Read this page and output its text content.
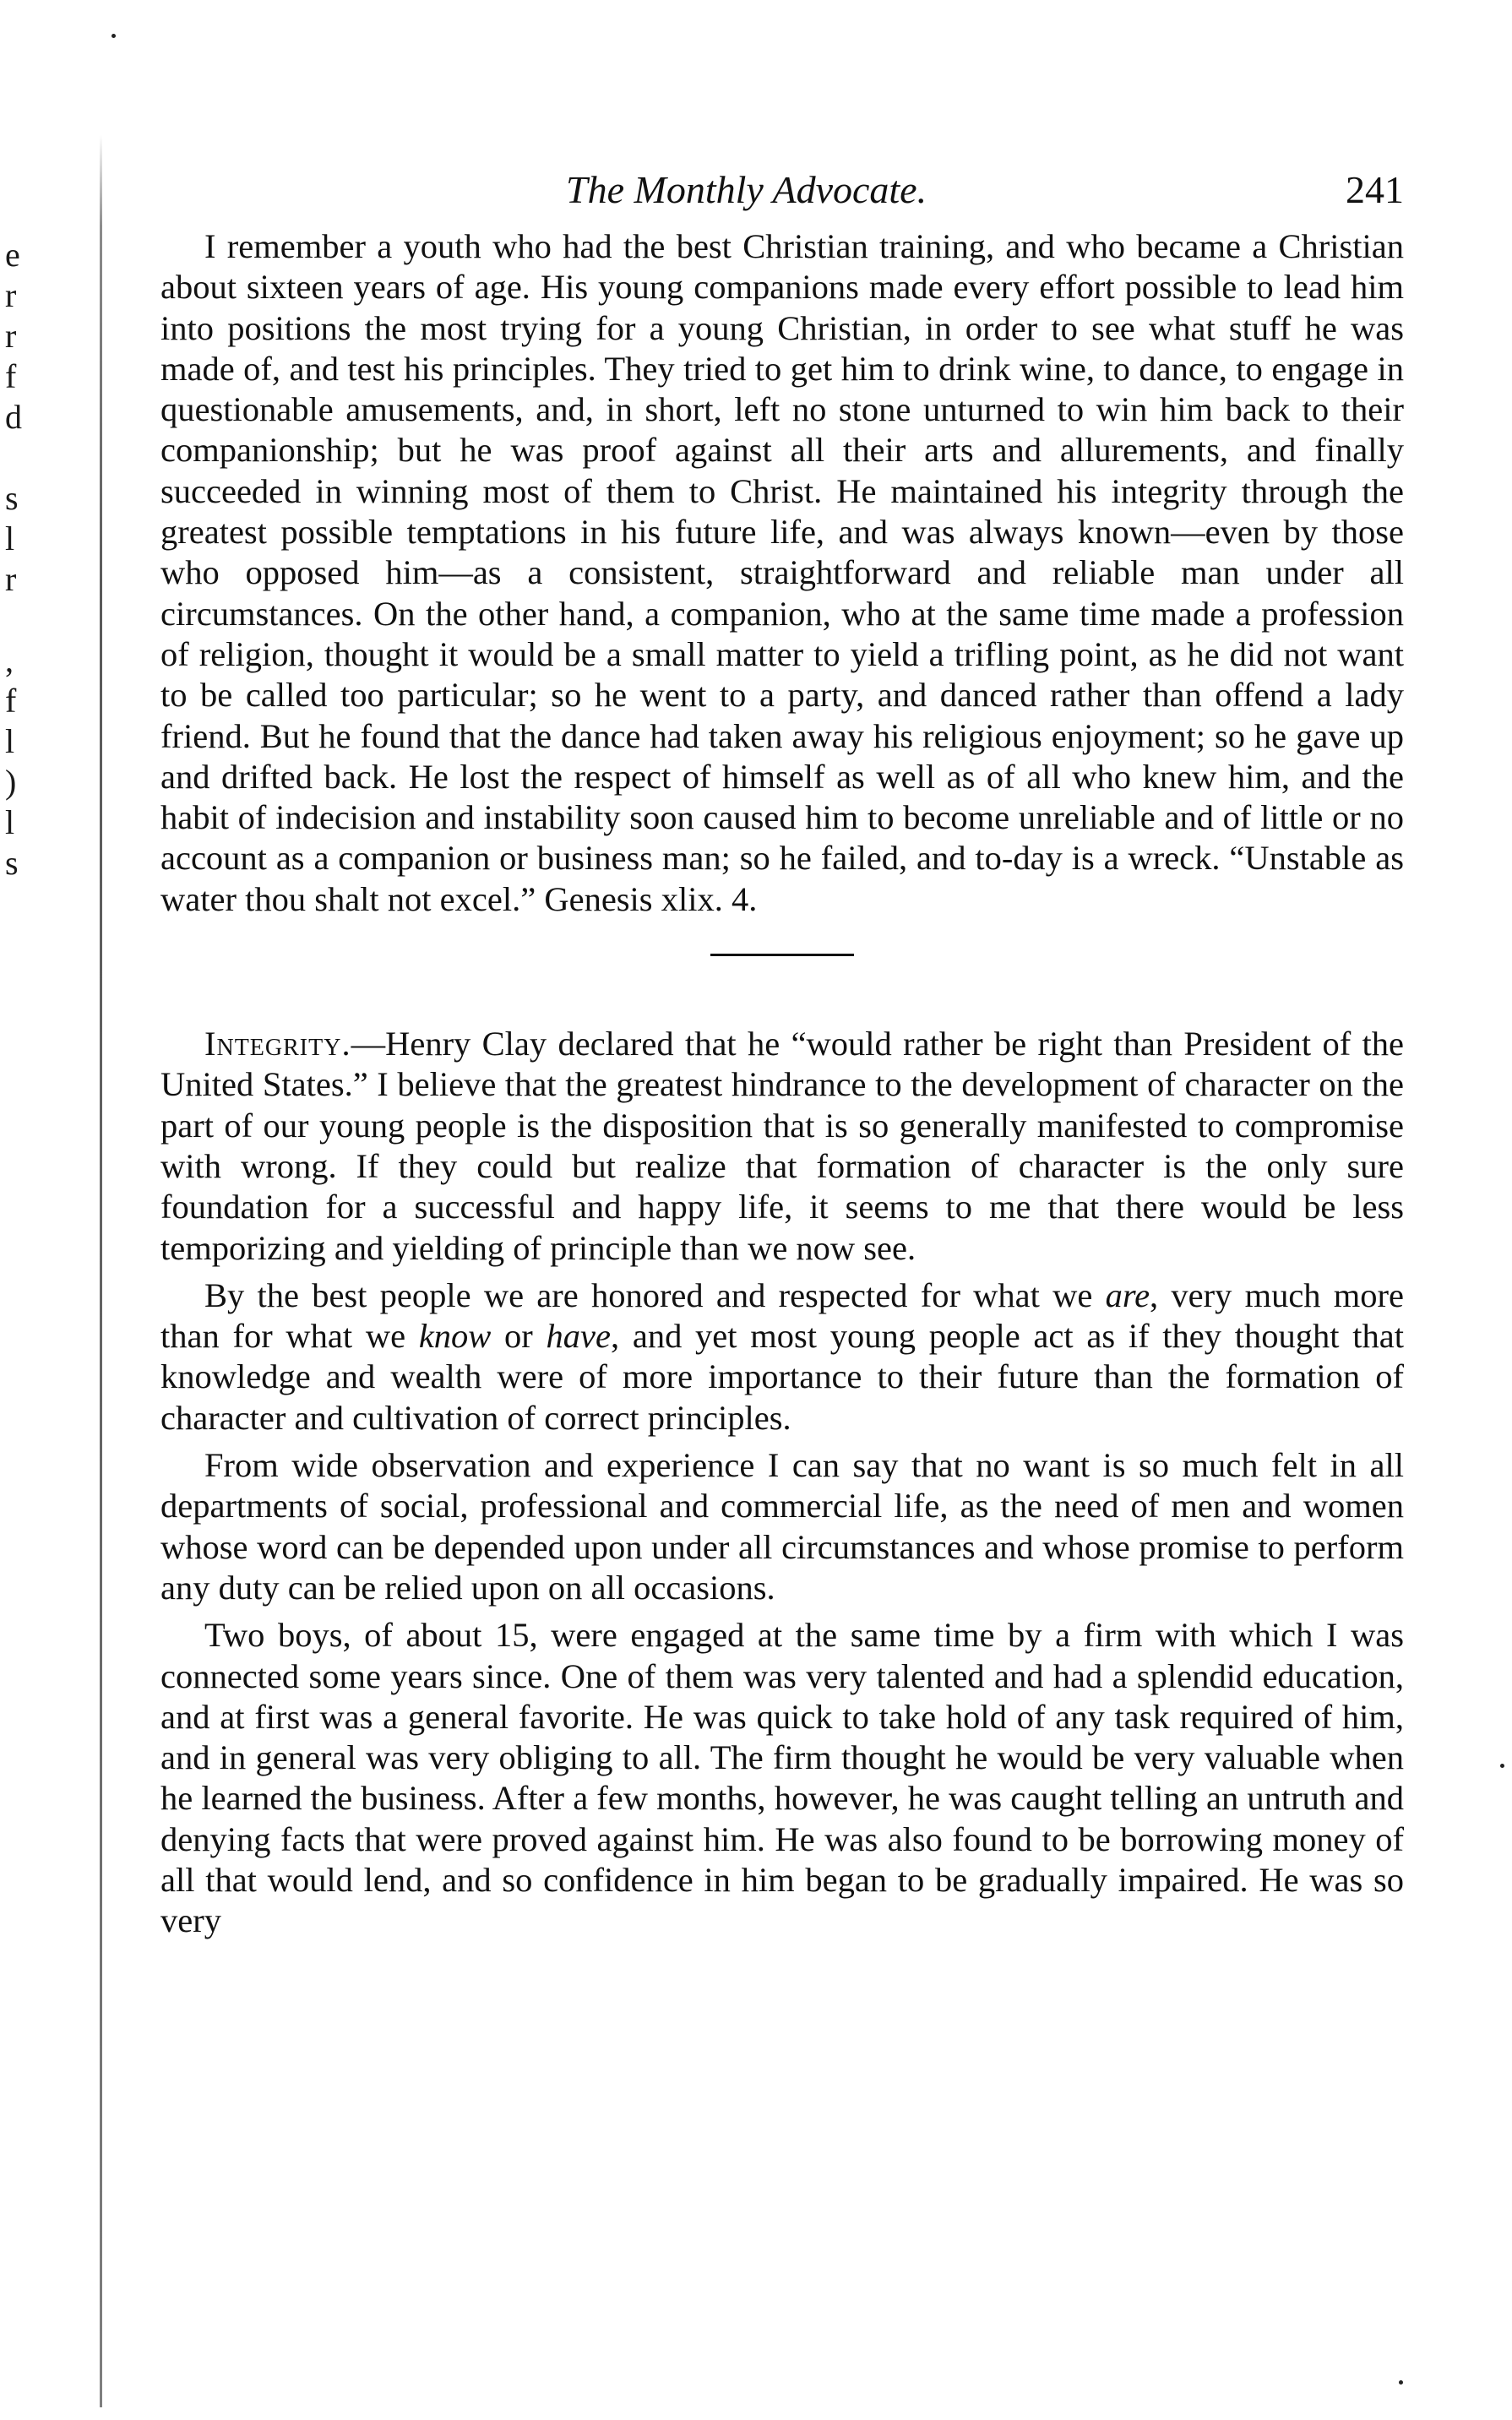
e
r
r
f
d
s
l
r
,
f
l
)
l
s
The Monthly Advocate.	241

I remember a youth who had the best Christian training, and who became a Christian about sixteen years of age. His young companions made every effort possible to lead him into positions the most trying for a young Christian, in order to see what stuff he was made of, and test his principles. They tried to get him to drink wine, to dance, to engage in questionable amusements, and, in short, left no stone unturned to win him back to their companionship; but he was proof against all their arts and allurements, and finally succeeded in winning most of them to Christ. He maintained his integrity through the greatest possible temptations in his future life, and was always known—even by those who opposed him—as a consistent, straightforward and reliable man under all circumstances. On the other hand, a companion, who at the same time made a profession of religion, thought it would be a small matter to yield a trifling point, as he did not want to be called too particular; so he went to a party, and danced rather than offend a lady friend. But he found that the dance had taken away his religious enjoyment; so he gave up and drifted back. He lost the respect of himself as well as of all who knew him, and the habit of indecision and instability soon caused him to become unreliable and of little or no account as a companion or business man; so he failed, and to-day is a wreck. “Unstable as water thou shalt not excel.” Genesis xlix. 4.

Integrity.—Henry Clay declared that he “would rather be right than President of the United States.” I believe that the greatest hindrance to the development of character on the part of our young people is the disposition that is so generally manifested to compromise with wrong. If they could but realize that formation of character is the only sure foundation for a successful and happy life, it seems to me that there would be less temporizing and yielding of principle than we now see.

By the best people we are honored and respected for what we are, very much more than for what we know or have, and yet most young people act as if they thought that knowledge and wealth were of more importance to their future than the formation of character and cultivation of correct principles.

From wide observation and experience I can say that no want is so much felt in all departments of social, professional and commercial life, as the need of men and women whose word can be depended upon under all circumstances and whose promise to perform any duty can be relied upon on all occasions.

Two boys, of about 15, were engaged at the same time by a firm with which I was connected some years since. One of them was very talented and had a splendid education, and at first was a general favorite. He was quick to take hold of any task required of him, and in general was very obliging to all. The firm thought he would be very valuable when he learned the business. After a few months, however, he was caught telling an untruth and denying facts that were proved against him. He was also found to be borrowing money of all that would lend, and so confidence in him began to be gradually impaired. He was so very
